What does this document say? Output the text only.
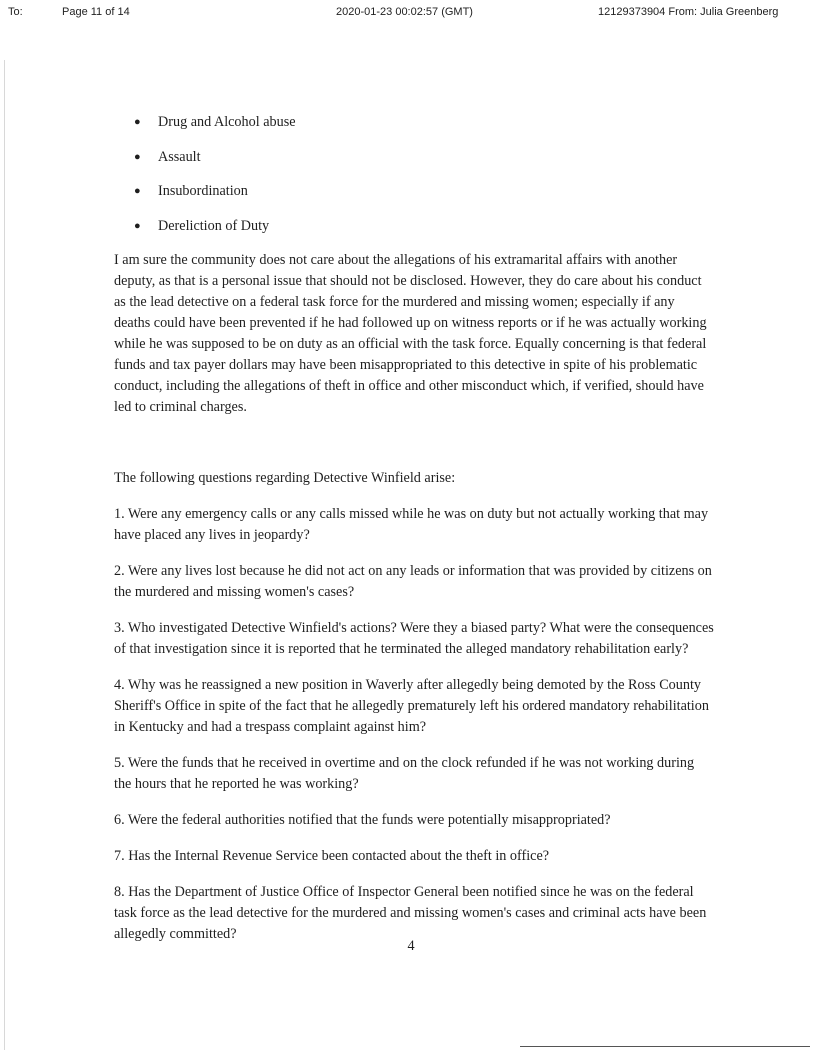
To:	Page 11 of 14	2020-01-23 00:02:57 (GMT)	12129373904 From: Julia Greenberg
● Drug and Alcohol abuse
● Assault
● Insubordination
● Dereliction of Duty

I am sure the community does not care about the allegations of his extramarital affairs with another deputy, as that is a personal issue that should not be disclosed. However, they do care about his conduct as the lead detective on a federal task force for the murdered and missing women; especially if any deaths could have been prevented if he had followed up on witness reports or if he was actually working while he was supposed to be on duty as an official with the task force. Equally concerning is that federal funds and tax payer dollars may have been misappropriated to this detective in spite of his problematic conduct, including the allegations of theft in office and other misconduct which, if verified, should have led to criminal charges.

The following questions regarding Detective Winfield arise:

1. Were any emergency calls or any calls missed while he was on duty but not actually working that may have placed any lives in jeopardy?

2. Were any lives lost because he did not act on any leads or information that was provided by citizens on the murdered and missing women's cases?

3. Who investigated Detective Winfield's actions? Were they a biased party? What were the consequences of that investigation since it is reported that he terminated the alleged mandatory rehabilitation early?

4. Why was he reassigned a new position in Waverly after allegedly being demoted by the Ross County Sheriff's Office in spite of the fact that he allegedly prematurely left his ordered mandatory rehabilitation in Kentucky and had a trespass complaint against him?

5. Were the funds that he received in overtime and on the clock refunded if he was not working during the hours that he reported he was working?

6. Were the federal authorities notified that the funds were potentially misappropriated?

7. Has the Internal Revenue Service been contacted about the theft in office?

8. Has the Department of Justice Office of Inspector General been notified since he was on the federal task force as the lead detective for the murdered and missing women's cases and criminal acts have been allegedly committed?

4
